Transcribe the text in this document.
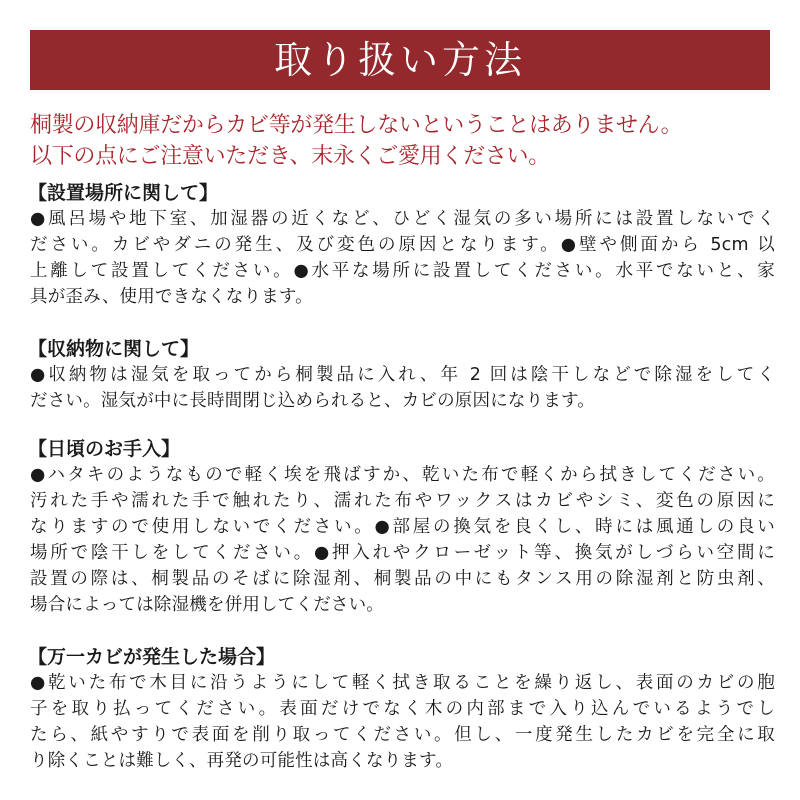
取り扱い方法
桐製の収納庫だからカビ等が発生しないということはありません。
以下の点にご注意いただき、末永くご愛用ください。
【設置場所に関して】
●風呂場や地下室、加湿器の近くなど、ひどく湿気の多い場所には設置しないでく
ださい。カビやダニの発生、及び変色の原因となります。●壁や側面から 5cm 以
上離して設置してください。●水平な場所に設置してください。水平でないと、家
具が歪み、使用できなくなります。
【収納物に関して】
●収納物は湿気を取ってから桐製品に入れ、年 2 回は陰干しなどで除湿をしてく
ださい。湿気が中に長時間閉じ込められると、カビの原因になります。
【日頃のお手入】
●ハタキのようなもので軽く埃を飛ばすか、乾いた布で軽くから拭きしてください。
汚れた手や濡れた手で触れたり、濡れた布やワックスはカビやシミ、変色の原因に
なりますので使用しないでください。●部屋の換気を良くし、時には風通しの良い
場所で陰干しをしてください。●押入れやクローゼット等、換気がしづらい空間に
設置の際は、桐製品のそばに除湿剤、桐製品の中にもタンス用の除湿剤と防虫剤、
場合によっては除湿機を併用してください。
【万一カビが発生した場合】
●乾いた布で木目に沿うようにして軽く拭き取ることを繰り返し、表面のカビの胞
子を取り払ってください。表面だけでなく木の内部まで入り込んでいるようでし
たら、紙やすりで表面を削り取ってください。但し、一度発生したカビを完全に取
り除くことは難しく、再発の可能性は高くなります。
